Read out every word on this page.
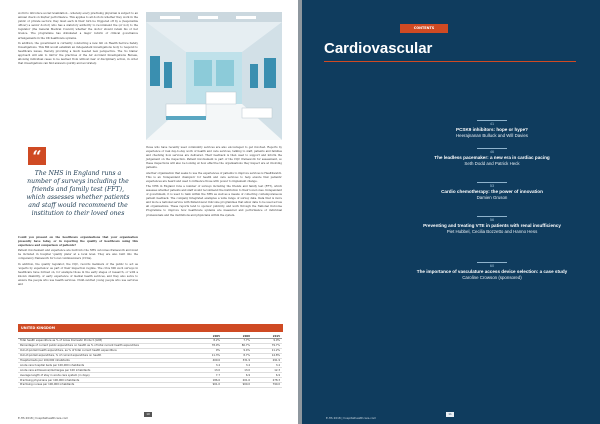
world to introduce social revalidation – whereby every practising physician is subject to an annual check on his/her performance. This applies to all doctors whether they work in the public or private sectors; they must each in their turn be triggered off by a (responsible officer) a senior doctor) who has a statutory authority to recommend the (or not) to the regulator (the General Medical Council) whether the doctor should retain his or her licence. The programme has stimulated a major reform of clinical governance arrangements in the UK healthcare systems.

In addition, the government is currently conducting a new bill on Health Service Safety Investigations. This Bill would establish an independent investigations body to respond to healthcare issues, thereby providing a much needed new perspective. The 'no blame' approach will aim to mirror the practices of the Air Accident Investigations Bureau, allowing individual cases to be learned from without fear of disciplinary action, in order that investigations can find answers quickly and accurately.

“

The NHS in England runs a number of surveys including the friends and family test (FFT), which assesses whether patients and staff would recommend the institution to their loved ones

Could you present on the healthcare organisations that your organisation presently have today, or in reporting the quality of healthcare using this experience and comparison of patients?

Patient involvement and experience are built into the NHS outcomes framework and must be included in hospital 'quality plans' at a local level. They are also built into the competency framework for local commissioners (CCGs).

In addition, the quality regulator, the CQC, records members of the public to act as 'experts by experience' as part of their inspection regime. The circa 600 such surveys in healthcare have formed on, for example those in the early stages of research, or with a known disability, or early experience of mental health services, and they also serve to ensure the people who use health services. Child-centred young people who use services and

those who have recently used community services are also encouraged to get involved. Reports by experience of real day-to-day work of health and care services, talking to staff, patients and families and checking how services are delivered. Their feedback is then used to support and inform the judgement on the inspection. Patient involvement is part of the CQC framework for assessment, so these inspections will also be looking at how effective the organisations they inspect are at involving patients.

Another organisation that seeks to use the experiences of patients to improve services is Healthwatch. This is an 'independent champion' for health and care services to help ensure that patients' experiences are heard and used to influence those with power to implement change.

The NHS in England runs a number of surveys including the friends and family test (FFT), which assesses whether patients and staff would recommend the institution to their loved ones. Independent of government, it is used to rank within the NHS as well as a means of collecting contemporaneous patient feedback. The company Integrated examples a wide range of survey data. Data that is more and more a national service with Patient-level Outcome programmes that allow data to be used across all organisations. These reports tend to sponsor publicity, and work through the National Outcome Programme to improve how healthcare systems are measured and performance of individual professionals and the institutions and physicians within the system.

UNITED KINGDOM

	2005	2008	2015
Total health expenditure as % of Gross Domestic Product (GDP)	8.2%	7.7%	9.9%
Percentage of current public expenditure on health as % of total current health expenditure	78.9%	80.7%	79.7%
Out-of-pocket health expenditure, as % of total current health expenditure	9%	9.4%	11.2%
Out-of-pocket expenditure, % of current expenditure on health	11.3%	8.7%	14.8%
Hospital beds per 100,000 inhabitants	409.6	331.9	291.9
Acute care hospital beds per 100,000 inhabitants	3.4	3.4	3.4
Acute care admissions/discharges per 100 inhabitants	13.0	13.0	12.3
Average length of stay in acute care system (in days)	7.7	6.9	6.9
Practising physicians per 100,000 inhabitants	186.6	201.6	278.3
Practising nurses per 100,000 inhabitants	901.0	900.0	790.0
E-HS 2018 | hospitalhealthcare.com
10

CONTENTS

Cardiovascular

41
PCSK9 inhibitors: hope or hype?
Heerajnanan Bulluck and Will Davies
46
The leadless pacemaker: a new era in cardiac pacing
Seth Dodd and Patrick Heck
53
Cardio chemotherapy: the power of innovation
Damien Gruson
56
Preventing and treating VTE in patients with renal insufficiency
Piet Hubbel, Cecilia Bozzetto and Hanno Hess
60
The importance of vasculature access device selection: a case study
Caroline Crowson (sponsored)
E-HS 2018 | hospitalhealthcare.com
11
